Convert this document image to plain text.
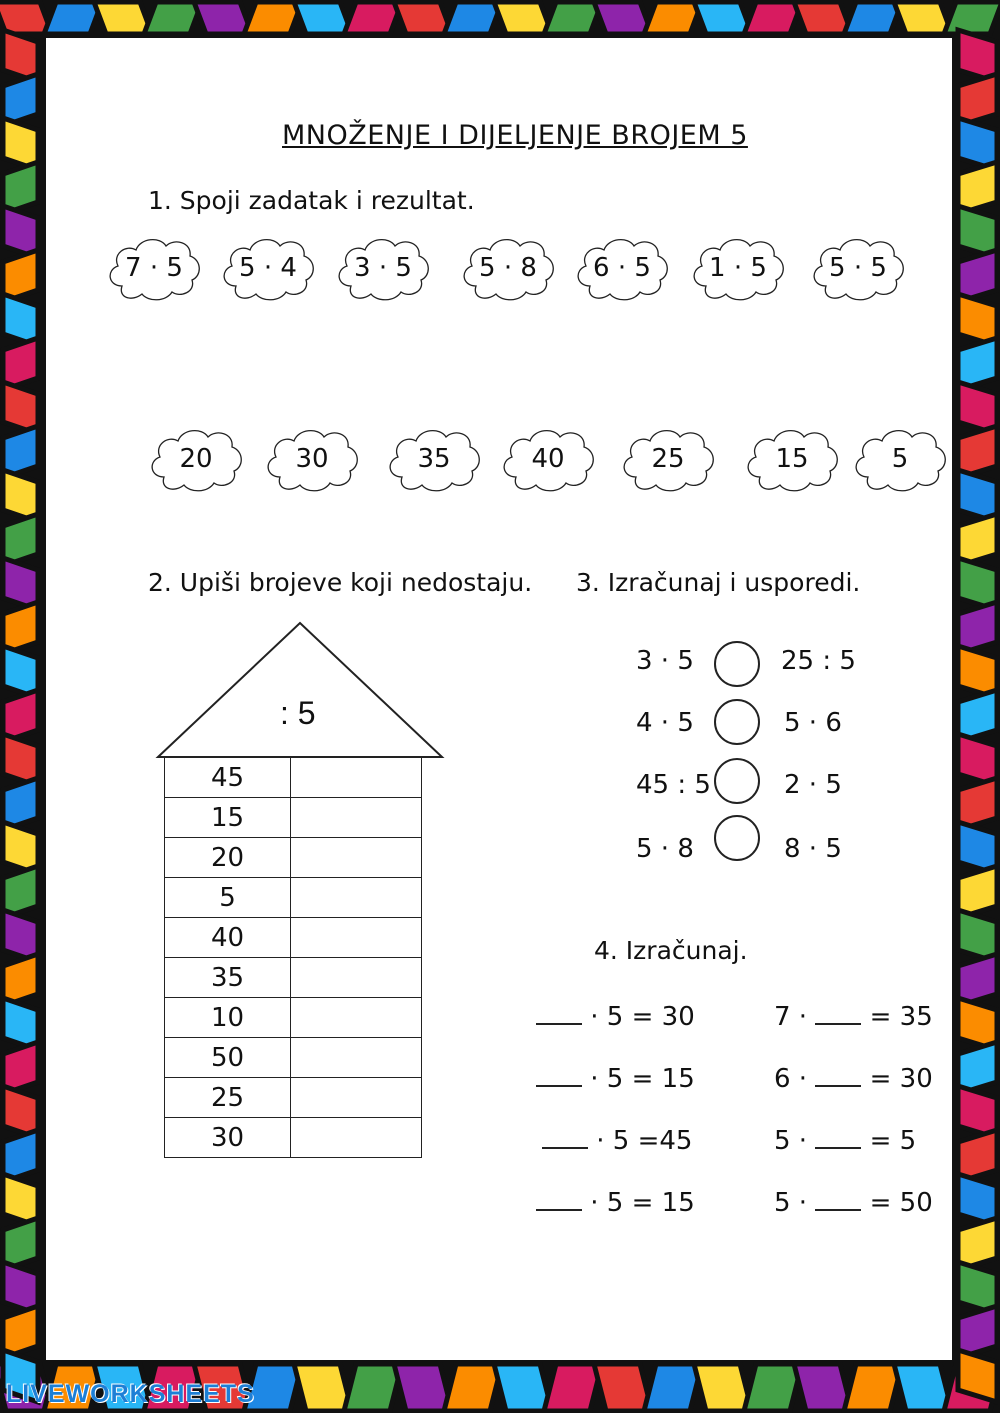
MNOŽENJE I DIJELJENJE BROJEM 5
1. Spoji zadatak i rezultat.
7 · 5	5 · 4	3 · 5	5 · 8	6 · 5	1 · 5	5 · 5
20	30	35	40	25	15	5
2. Upiši brojeve koji nedostaju.
: 5
45	
15	
20	
5	
40	
35	
10	
50	
25	
30	
3. Izračunaj i usporedi.
3 · 5	25 : 5
4 · 5	5 · 6
45 : 5	2 · 5
5 · 8	8 · 5
4. Izračunaj.
· 5 = 30	7 ·  = 35
· 5 = 15	6 ·  = 30
· 5 =45	5 ·  = 5
· 5 = 15	5 ·  = 50
LIVEWORKSHEETS
